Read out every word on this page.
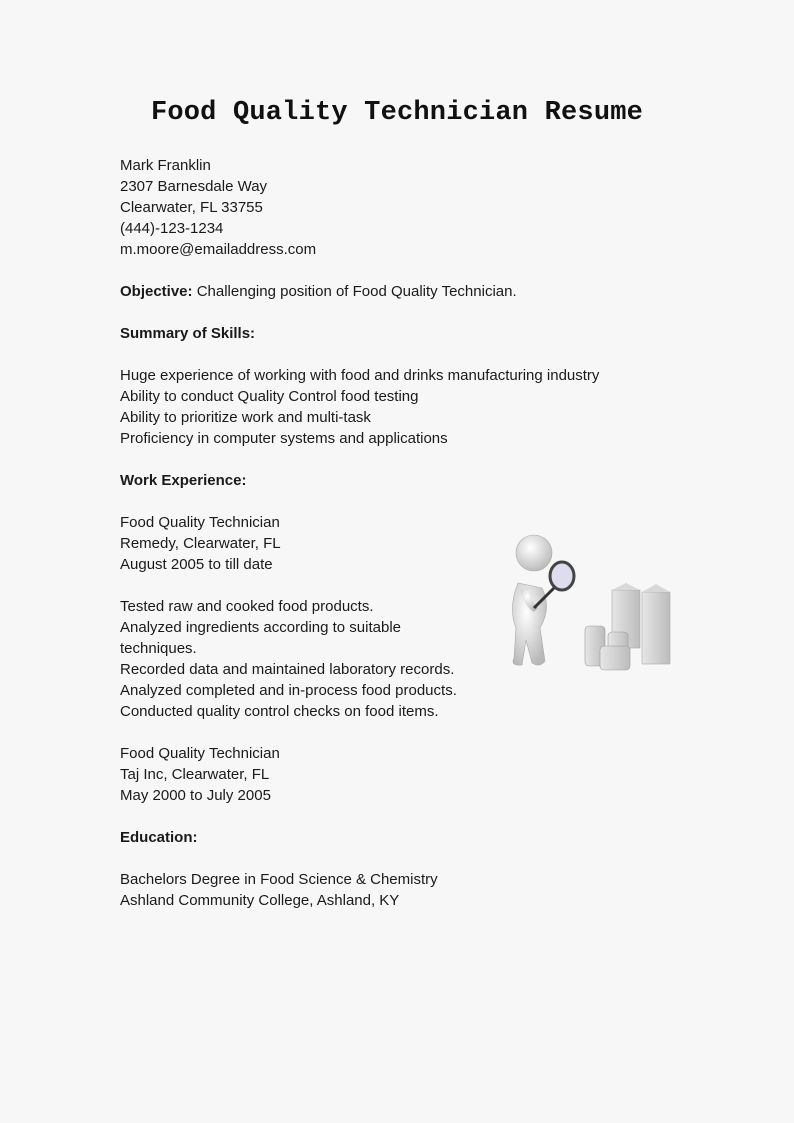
Food Quality Technician Resume
Mark Franklin
2307 Barnesdale Way
Clearwater, FL 33755
(444)-123-1234
m.moore@emailaddress.com
Objective: Challenging position of Food Quality Technician.
Summary of Skills:
Huge experience of working with food and drinks manufacturing industry
Ability to conduct Quality Control food testing
Ability to prioritize work and multi-task
Proficiency in computer systems and applications
Work Experience:
Food Quality Technician
Remedy, Clearwater, FL
August 2005 to till date
Tested raw and cooked food products.
Analyzed ingredients according to suitable
techniques.
Recorded data and maintained laboratory records.
Analyzed completed and in-process food products.
Conducted quality control checks on food items.
Food Quality Technician
Taj Inc, Clearwater, FL
May 2000 to July 2005
Education:
Bachelors Degree in Food Science & Chemistry
Ashland Community College, Ashland, KY
